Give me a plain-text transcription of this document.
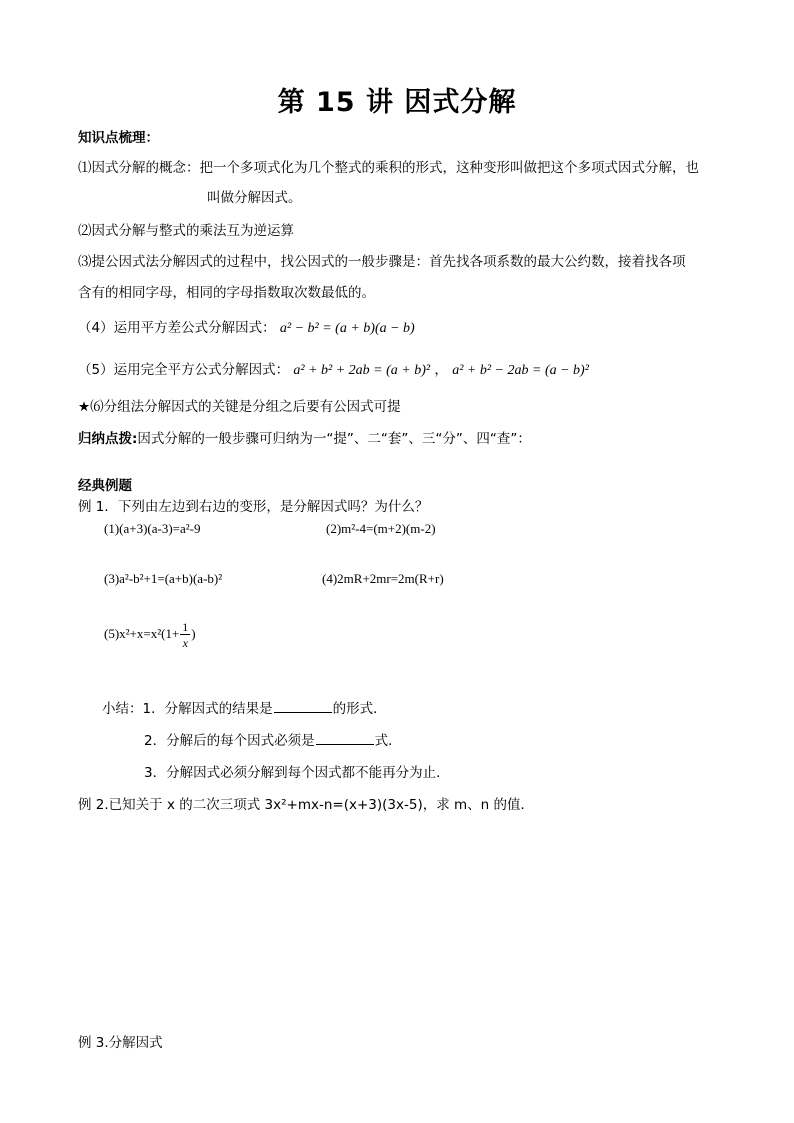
第 15 讲 因式分解
知识点梳理：
⑴因式分解的概念：把一个多项式化为几个整式的乘积的形式，这种变形叫做把这个多项式因式分解，也
叫做分解因式。
⑵因式分解与整式的乘法互为逆运算
⑶提公因式法分解因式的过程中，找公因式的一般步骤是：首先找各项系数的最大公约数，接着找各项
含有的相同字母，相同的字母指数取次数最低的。
（4）运用平方差公式分解因式： a² − b² = (a + b)(a − b)
（5）运用完全平方公式分解因式： a² + b² + 2ab = (a + b)² ， a² + b² − 2ab = (a − b)²
★⑹分组法分解因式的关键是分组之后要有公因式可提
归纳点拨:因式分解的一般步骤可归纳为一“提”、二“套”、三“分”、四“查”：
经典例题
例 1．下列由左边到右边的变形，是分解因式吗？为什么？
(1)(a+3)(a-3)=a²-9	(2)m²-4=(m+2)(m-2)
(3)a²-b²+1=(a+b)(a-b)²	(4)2mR+2mr=2m(R+r)
$(5)x^2+x=x^2(1+ \frac{1}{x}$ )
小结：1．分解因式的结果是	的形式．
2．分解后的每个因式必须是	式．
3．分解因式必须分解到每个因式都不能再分为止．
例 2.已知关于 x 的二次三项式 3x²+mx-n=(x+3)(3x-5)，求 m、n 的值．
例 3.分解因式
